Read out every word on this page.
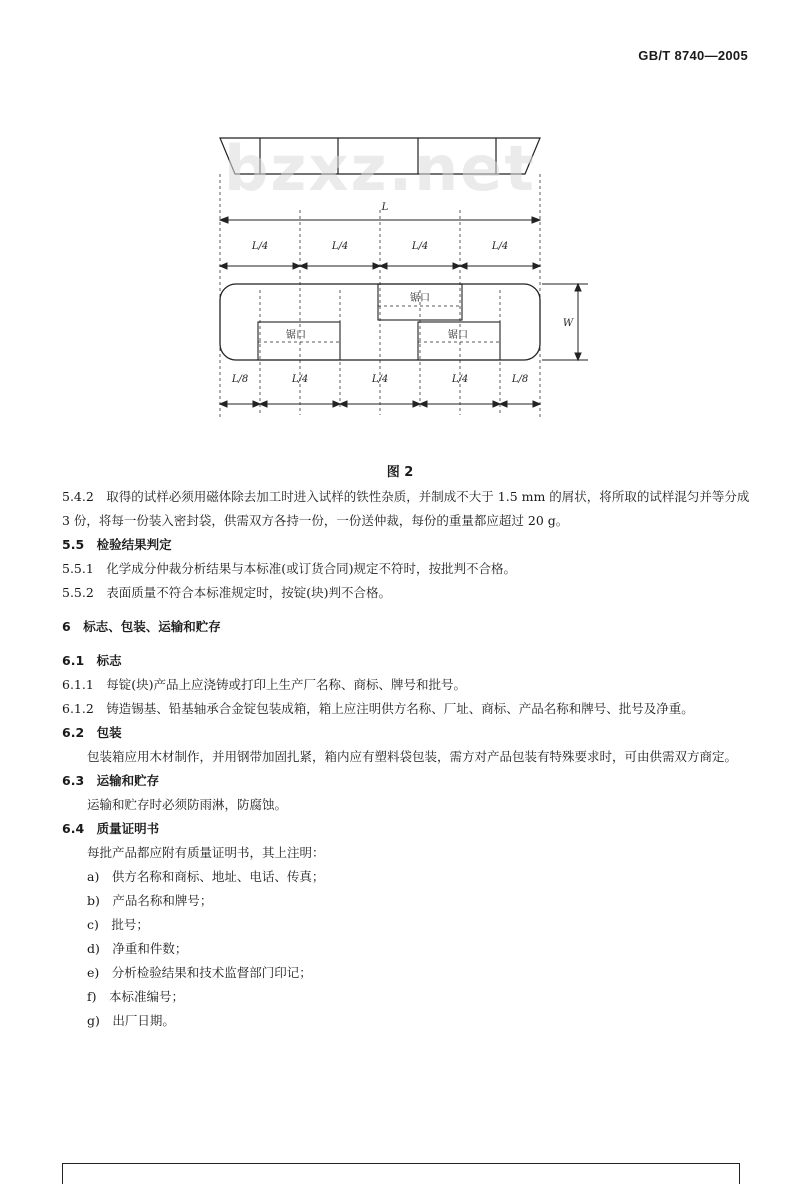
GB/T 8740—2005
L
L/4	L/4	L/4	L/4
锯口
锯口	锯口
W
L/8	L/4	L/4	L/4	L/8
bzxz.net
图 2

5.4.2　取得的试样必须用磁体除去加工时进入试样的铁性杂质，并制成不大于 1.5 mm 的屑状，将所取的试样混匀并等分成 3 份，将每一份装入密封袋，供需双方各持一份，一份送仲裁，每份的重量都应超过 20 g。

5.5　检验结果判定

5.5.1　化学成分仲裁分析结果与本标准(或订货合同)规定不符时，按批判不合格。

5.5.2　表面质量不符合本标准规定时，按锭(块)判不合格。

6　标志、包装、运输和贮存

6.1　标志

6.1.1　每锭(块)产品上应浇铸或打印上生产厂名称、商标、牌号和批号。

6.1.2　铸造锡基、铅基轴承合金锭包装成箱，箱上应注明供方名称、厂址、商标、产品名称和牌号、批号及净重。

6.2　包装

包装箱应用木材制作，并用钢带加固扎紧，箱内应有塑料袋包装，需方对产品包装有特殊要求时，可由供需双方商定。

6.3　运输和贮存

运输和贮存时必须防雨淋，防腐蚀。

6.4　质量证明书

每批产品都应附有质量证明书，其上注明：

a)　供方名称和商标、地址、电话、传真；

b)　产品名称和牌号；

c)　批号；

d)　净重和件数；

e)　分析检验结果和技术监督部门印记；

f)　本标准编号；

g)　出厂日期。
